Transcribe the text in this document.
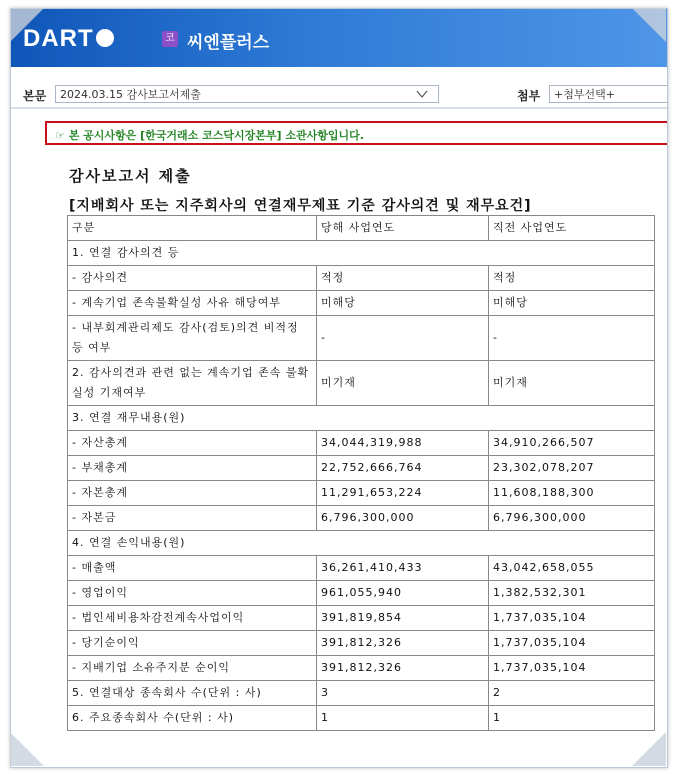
DART	코 씨엔플러스
본문	2024.03.15 감사보고서제출	첨부	+첨부선택+
☞ 본 공시사항은 [한국거래소 코스닥시장본부] 소관사항입니다.
감사보고서 제출
[지배회사 또는 지주회사의 연결재무제표 기준 감사의견 및 재무요건]
구분	당해 사업연도	직전 사업연도
1. 연결 감사의견 등		
- 감사의견	적정	적정
- 계속기업 존속불확실성 사유 해당여부	미해당	미해당
- 내부회계관리제도 감사(검토)의견 비적정 등 여부	-	-
2. 감사의견과 관련 없는 계속기업 존속 불확실성 기재여부	미기재	미기재
3. 연결 재무내용(원)		
- 자산총계	34,044,319,988	34,910,266,507
- 부채총계	22,752,666,764	23,302,078,207
- 자본총계	11,291,653,224	11,608,188,300
- 자본금	6,796,300,000	6,796,300,000
4. 연결 손익내용(원)		
- 매출액	36,261,410,433	43,042,658,055
- 영업이익	961,055,940	1,382,532,301
- 법인세비용차감전계속사업이익	391,819,854	1,737,035,104
- 당기순이익	391,812,326	1,737,035,104
- 지배기업 소유주지분 순이익	391,812,326	1,737,035,104
5. 연결대상 종속회사 수(단위 : 사)	3	2
6. 주요종속회사 수(단위 : 사)	1	1
